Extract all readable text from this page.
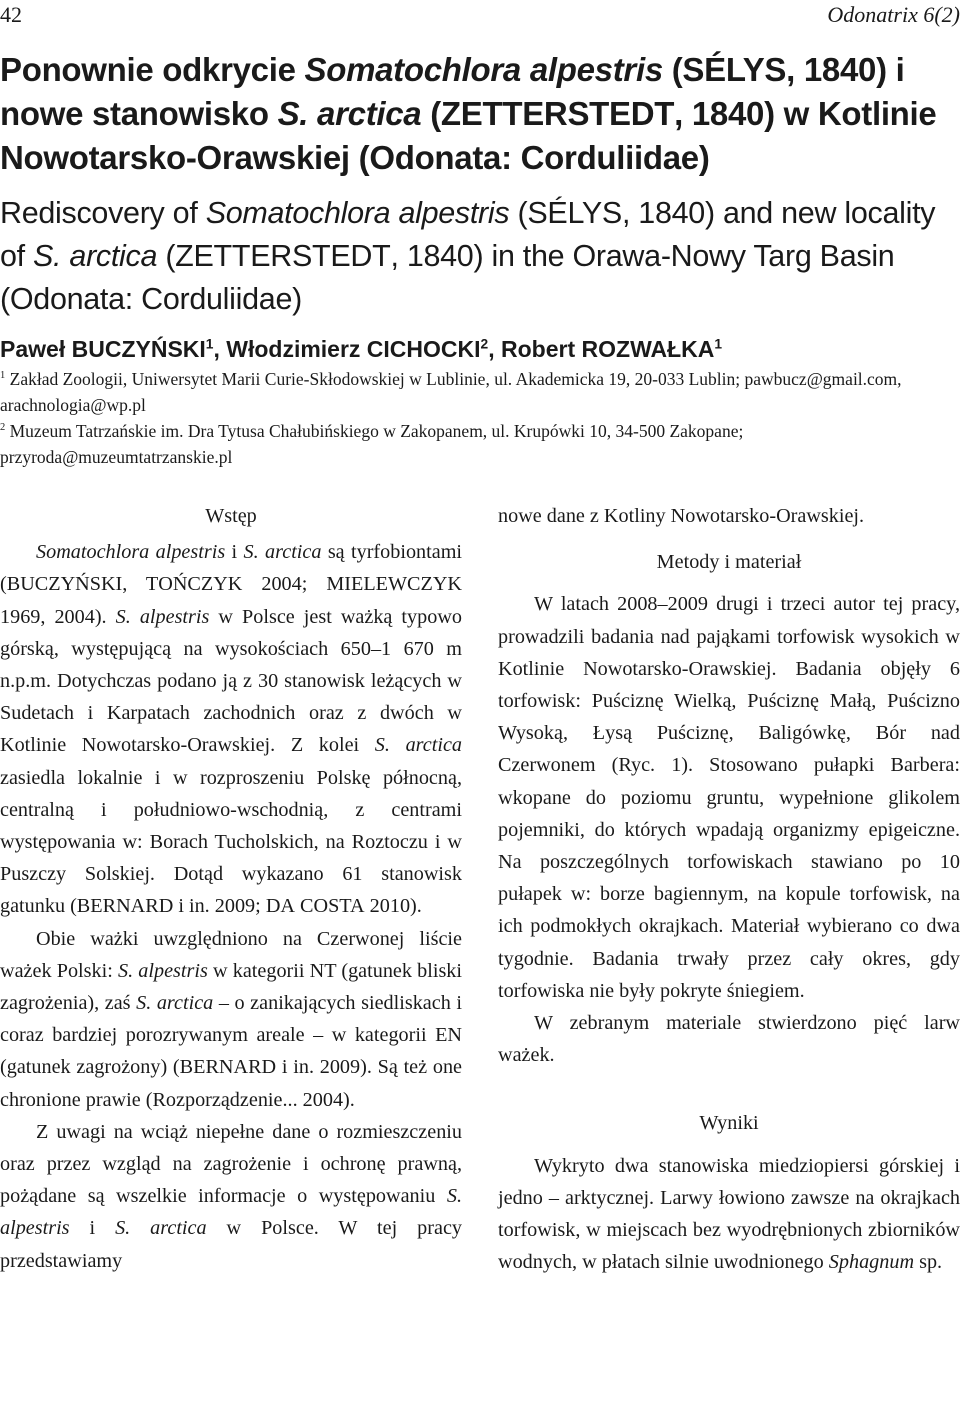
42	Odonatrix 6(2)
Ponownie odkrycie Somatochlora alpestris (SÉLYS, 1840) i nowe stanowisko S. arctica (ZETTERSTEDT, 1840) w Kotlinie Nowotarsko-Orawskiej (Odonata: Corduliidae)
Rediscovery of Somatochlora alpestris (SÉLYS, 1840) and new locality of S. arctica (ZETTERSTEDT, 1840) in the Orawa-Nowy Targ Basin (Odonata: Corduliidae)
Paweł BUCZYŃSKI$^1$, Włodzimierz CICHOCKI$^2$, Robert ROZWAŁKA$^1$
$^1$ Zakład Zoologii, Uniwersytet Marii Curie-Skłodowskiej w Lublinie, ul. Akademicka 19, 20-033 Lublin; pawbucz@gmail.com, arachnologia@wp.pl
$^2$ Muzeum Tatrzańskie im. Dra Tytusa Chałubińskiego w Zakopanem, ul. Krupówki 10, 34-500 Zakopane; przyroda@muzeumtatrzanskie.pl

Wstęp

Somatochlora alpestris i S. arctica są tyrfobiontami (BUCZYŃSKI, TOŃCZYK 2004; MIELEWCZYK 1969, 2004). S. alpestris w Polsce jest ważką typowo górską, występującą na wysokościach 650–1 670 m n.p.m. Dotychczas podano ją z 30 stanowisk leżących w Sudetach i Karpatach zachodnich oraz z dwóch w Kotlinie Nowotarsko-Orawskiej. Z kolei S. arctica zasiedla lokalnie i w rozproszeniu Polskę północną, centralną i południowo-wschodnią, z centrami występowania w: Borach Tucholskich, na Roztoczu i w Puszczy Solskiej. Dotąd wykazano 61 stanowisk gatunku (BERNARD i in. 2009; DA COSTA 2010).

Obie ważki uwzględniono na Czerwonej liście ważek Polski: S. alpestris w kategorii NT (gatunek bliski zagrożenia), zaś S. arctica – o zanikających siedliskach i coraz bardziej porozrywanym areale – w kategorii EN (gatunek zagrożony) (BERNARD i in. 2009). Są też one chronione prawie (Rozporządzenie... 2004).

Z uwagi na wciąż niepełne dane o rozmieszczeniu oraz przez wzgląd na zagrożenie i ochronę prawną, pożądane są wszelkie informacje o występowaniu S. alpestris i S. arctica w Polsce. W tej pracy przedstawiamy

nowe dane z Kotliny Nowotarsko-Orawskiej.

Metody i materiał

W latach 2008–2009 drugi i trzeci autor tej pracy, prowadzili badania nad pająkami torfowisk wysokich w Kotlinie Nowotarsko-Orawskiej. Badania objęły 6 torfowisk: Puściznę Wielką, Puściznę Małą, Puścizno Wysoką, Łysą Puściznę, Baligówkę, Bór nad Czerwonem (Ryc. 1). Stosowano pułapki Barbera: wkopane do poziomu gruntu, wypełnione glikolem pojemniki, do których wpadają organizmy epigeiczne. Na poszczególnych torfowiskach stawiano po 10 pułapek w: borze bagiennym, na kopule torfowisk, na ich podmokłych okrajkach. Materiał wybierano co dwa tygodnie. Badania trwały przez cały okres, gdy torfowiska nie były pokryte śniegiem.

W zebranym materiale stwierdzono pięć larw ważek.

Wyniki

Wykryto dwa stanowiska miedziopiersi górskiej i jedno – arktycznej. Larwy łowiono zawsze na okrajkach torfowisk, w miejscach bez wyodrębnionych zbiorników wodnych, w płatach silnie uwodnionego Sphagnum sp.
